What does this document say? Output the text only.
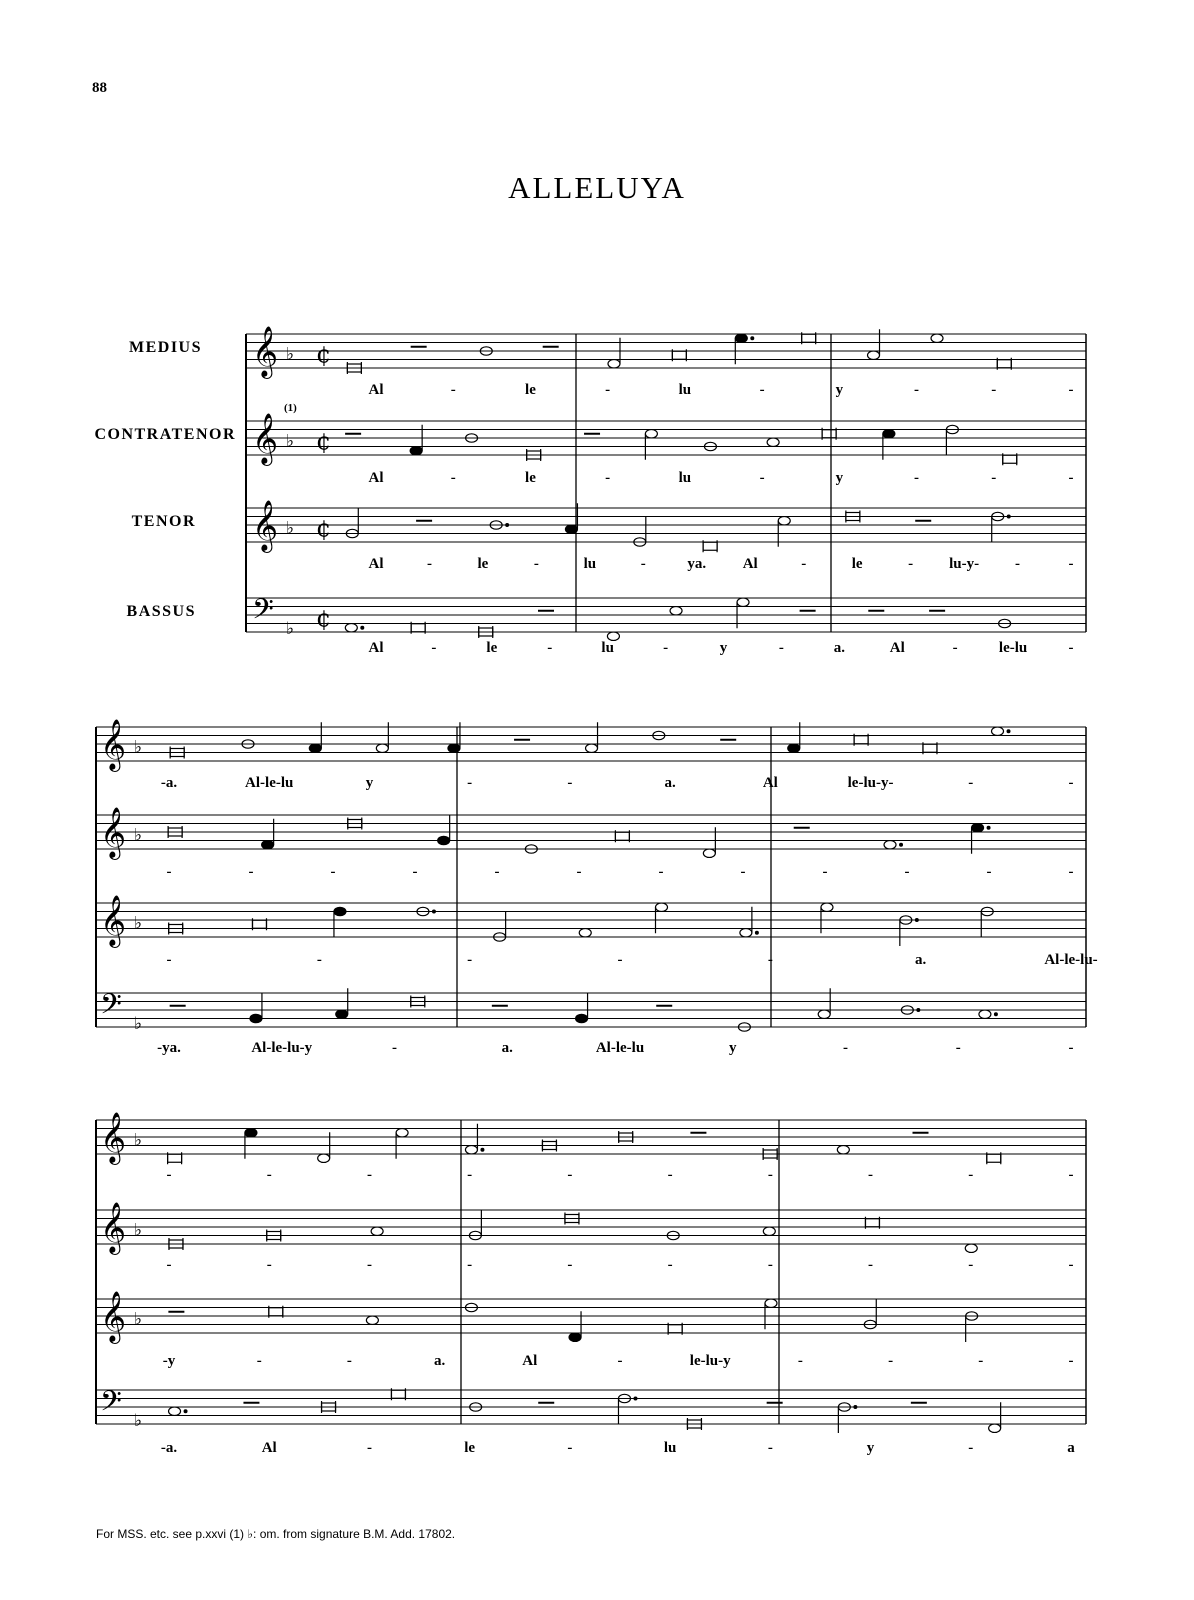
88
ALLELUYA
MEDIUS
CONTRATENOR
TENOR
BASSUS
(1)
𝄞 ♭ ¢
𝄞 ♭ ¢
𝄞 ♭ ¢
𝄢 ♭ ¢
𝄞 ♭
𝄞 ♭
𝄞 ♭
𝄢 ♭
𝄞 ♭
𝄞 ♭
𝄞 ♭
𝄢 ♭
Al	-	le	-	lu	-	y	-	-	-
Al	-	le	-	lu	-	y	-	-	-
Al	-	le	-	lu	-	ya. Al	-	le	- lu-y- -	-
Al	-	le	-	lu	-	y	-	a.	Al	-	le-lu	-
-a.	Al-le-lu	y	-	-	a.	Al	le-lu-y-	-	-
-	-	-	-	-	-	-	-	-	-	-	-
-	-	-	-	-	a.	Al-le-lu-
-ya.	Al-le-lu-y	-	a.	Al-le-lu	y	-	-	-
-	-	-	-	-	-	-	-	-	-
-	-	-	-	-	-	-	-	-	-
-y	-	-	a.	Al	-	le-lu-y	-	-	-	-
-a.	Al	-	le	-	lu	-	y	-	a
For MSS. etc. see p.xxvi (1) ♭: om. from signature B.M. Add. 17802.
